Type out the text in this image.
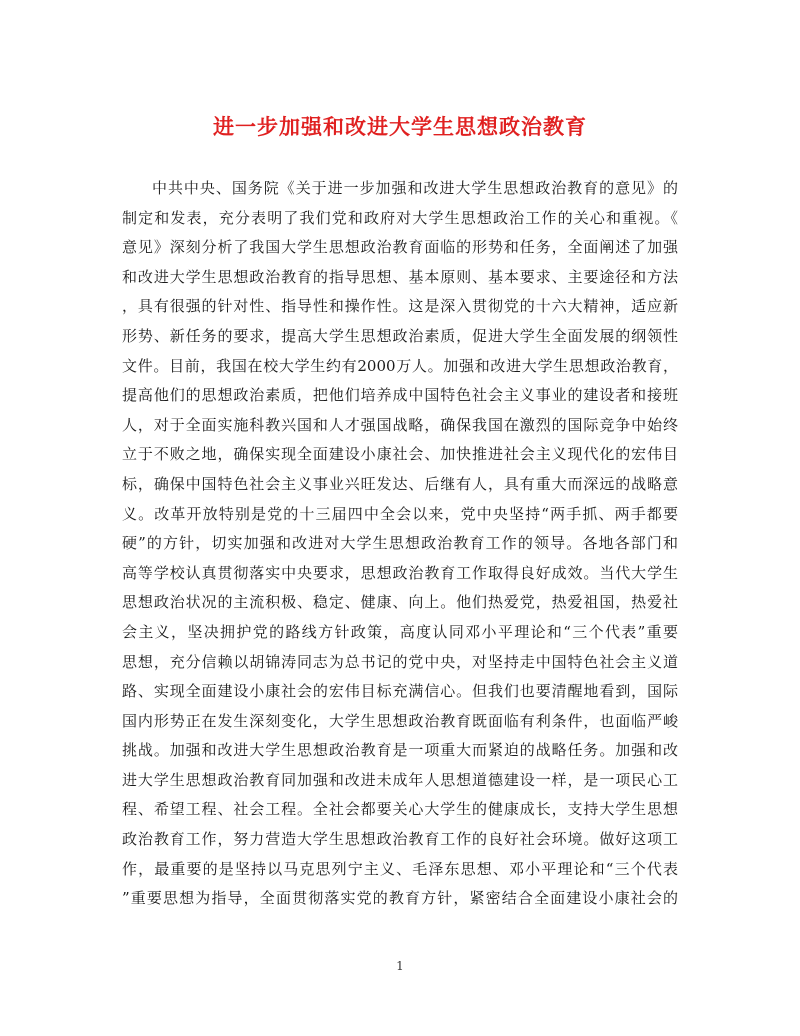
进一步加强和改进大学生思想政治教育
中共中央、国务院《关于进一步加强和改进大学生思想政治教育的意见》的
制定和发表，充分表明了我们党和政府对大学生思想政治工作的关心和重视。《
意见》深刻分析了我国大学生思想政治教育面临的形势和任务，全面阐述了加强
和改进大学生思想政治教育的指导思想、基本原则、基本要求、主要途径和方法
，具有很强的针对性、指导性和操作性。这是深入贯彻党的十六大精神，适应新
形势、新任务的要求，提高大学生思想政治素质，促进大学生全面发展的纲领性
文件。目前，我国在校大学生约有2000万人。加强和改进大学生思想政治教育，
提高他们的思想政治素质，把他们培养成中国特色社会主义事业的建设者和接班
人，对于全面实施科教兴国和人才强国战略，确保我国在激烈的国际竞争中始终
立于不败之地，确保实现全面建设小康社会、加快推进社会主义现代化的宏伟目
标，确保中国特色社会主义事业兴旺发达、后继有人，具有重大而深远的战略意
义。改革开放特别是党的十三届四中全会以来，党中央坚持“两手抓、两手都要
硬”的方针，切实加强和改进对大学生思想政治教育工作的领导。各地各部门和
高等学校认真贯彻落实中央要求，思想政治教育工作取得良好成效。当代大学生
思想政治状况的主流积极、稳定、健康、向上。他们热爱党，热爱祖国，热爱社
会主义，坚决拥护党的路线方针政策，高度认同邓小平理论和“三个代表”重要
思想，充分信赖以胡锦涛同志为总书记的党中央，对坚持走中国特色社会主义道
路、实现全面建设小康社会的宏伟目标充满信心。但我们也要清醒地看到，国际
国内形势正在发生深刻变化，大学生思想政治教育既面临有利条件，也面临严峻
挑战。加强和改进大学生思想政治教育是一项重大而紧迫的战略任务。加强和改
进大学生思想政治教育同加强和改进未成年人思想道德建设一样，是一项民心工
程、希望工程、社会工程。全社会都要关心大学生的健康成长，支持大学生思想
政治教育工作，努力营造大学生思想政治教育工作的良好社会环境。做好这项工
作，最重要的是坚持以马克思列宁主义、毛泽东思想、邓小平理论和“三个代表
”重要思想为指导，全面贯彻落实党的教育方针，紧密结合全面建设小康社会的
1
